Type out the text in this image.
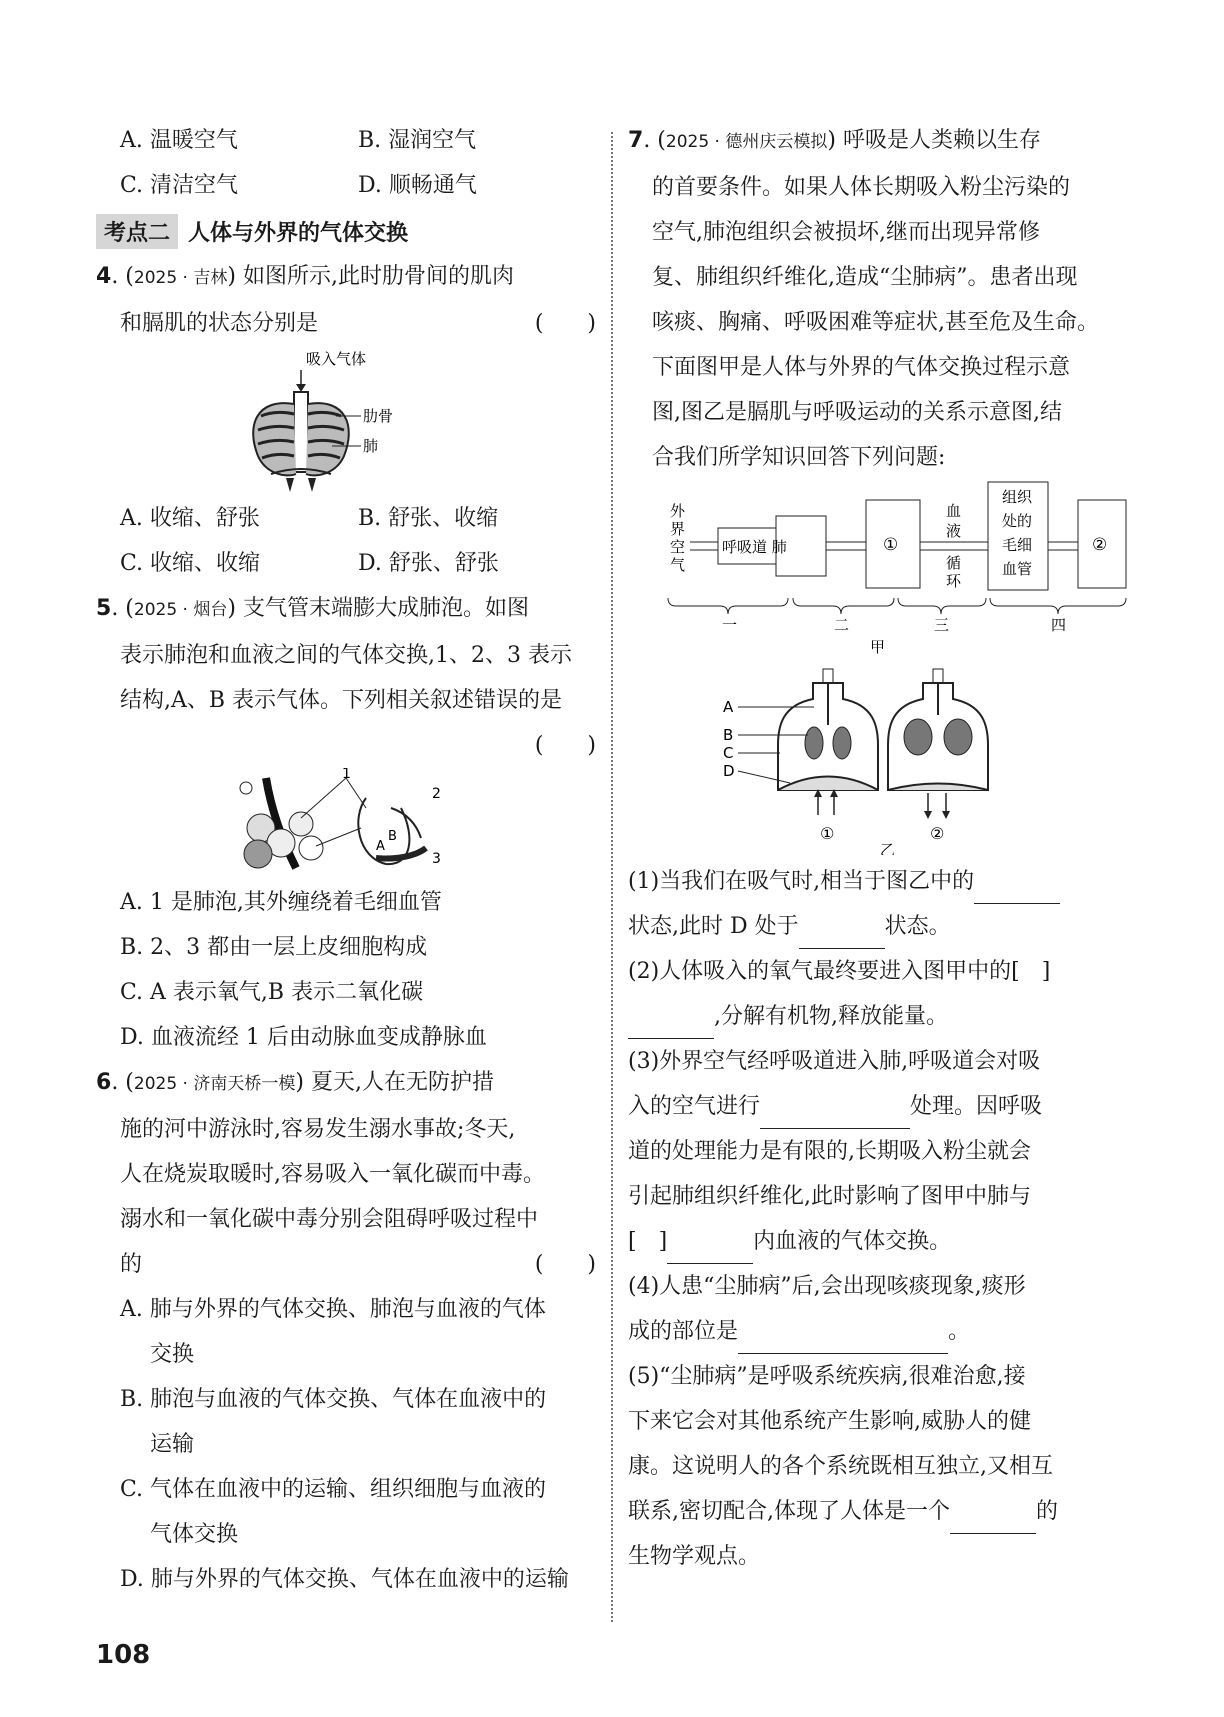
A. 温暖空气	B. 湿润空气
C. 清洁空气	D. 顺畅通气
考点二 人体与外界的气体交换
4. (2025 · 吉林) 如图所示,此时肋骨间的肌肉
和膈肌的状态分别是	(　　)
吸入气体
肋骨
肺
A. 收缩、舒张	B. 舒张、收缩
C. 收缩、收缩	D. 舒张、舒张
5. (2025 · 烟台) 支气管末端膨大成肺泡。如图
表示肺泡和血液之间的气体交换,1、2、3 表示
结构,A、B 表示气体。下列相关叙述错误的是
(　　)
1
2
3
B
A
A. 1 是肺泡,其外缠绕着毛细血管
B. 2、3 都由一层上皮细胞构成
C. A 表示氧气,B 表示二氧化碳
D. 血液流经 1 后由动脉血变成静脉血
6. (2025 · 济南天桥一模) 夏天,人在无防护措
施的河中游泳时,容易发生溺水事故;冬天,
人在烧炭取暖时,容易吸入一氧化碳而中毒。
溺水和一氧化碳中毒分别会阻碍呼吸过程中
的	(　　)
A. 肺与外界的气体交换、肺泡与血液的气体
交换
B. 肺泡与血液的气体交换、气体在血液中的
运输
C. 气体在血液中的运输、组织细胞与血液的
气体交换
D. 肺与外界的气体交换、气体在血液中的运输
7. (2025 · 德州庆云模拟) 呼吸是人类赖以生存
的首要条件。如果人体长期吸入粉尘污染的
空气,肺泡组织会被损坏,继而出现异常修
复、肺组织纤维化,造成“尘肺病”。患者出现
咳痰、胸痛、呼吸困难等症状,甚至危及生命。
下面图甲是人体与外界的气体交换过程示意
图,图乙是膈肌与呼吸运动的关系示意图,结
合我们所学知识回答下列问题:
外
界
空
气
呼吸道 肺	①
血
液
循
环
组织
处的
毛细
血管
②
一	二	三	四
甲
A
B
C
D
①	②
乙
(1)当我们在吸气时,相当于图乙中的
状态,此时 D 处于	状态。
(2)人体吸入的氧气最终要进入图甲中的[　]
,分解有机物,释放能量。
(3)外界空气经呼吸道进入肺,呼吸道会对吸
入的空气进行	处理。因呼吸
道的处理能力是有限的,长期吸入粉尘就会
引起肺组织纤维化,此时影响了图甲中肺与
[　]	内血液的气体交换。
(4)人患“尘肺病”后,会出现咳痰现象,痰形
成的部位是	。
(5)“尘肺病”是呼吸系统疾病,很难治愈,接
下来它会对其他系统产生影响,威胁人的健
康。这说明人的各个系统既相互独立,又相互
联系,密切配合,体现了人体是一个	的
生物学观点。
108
